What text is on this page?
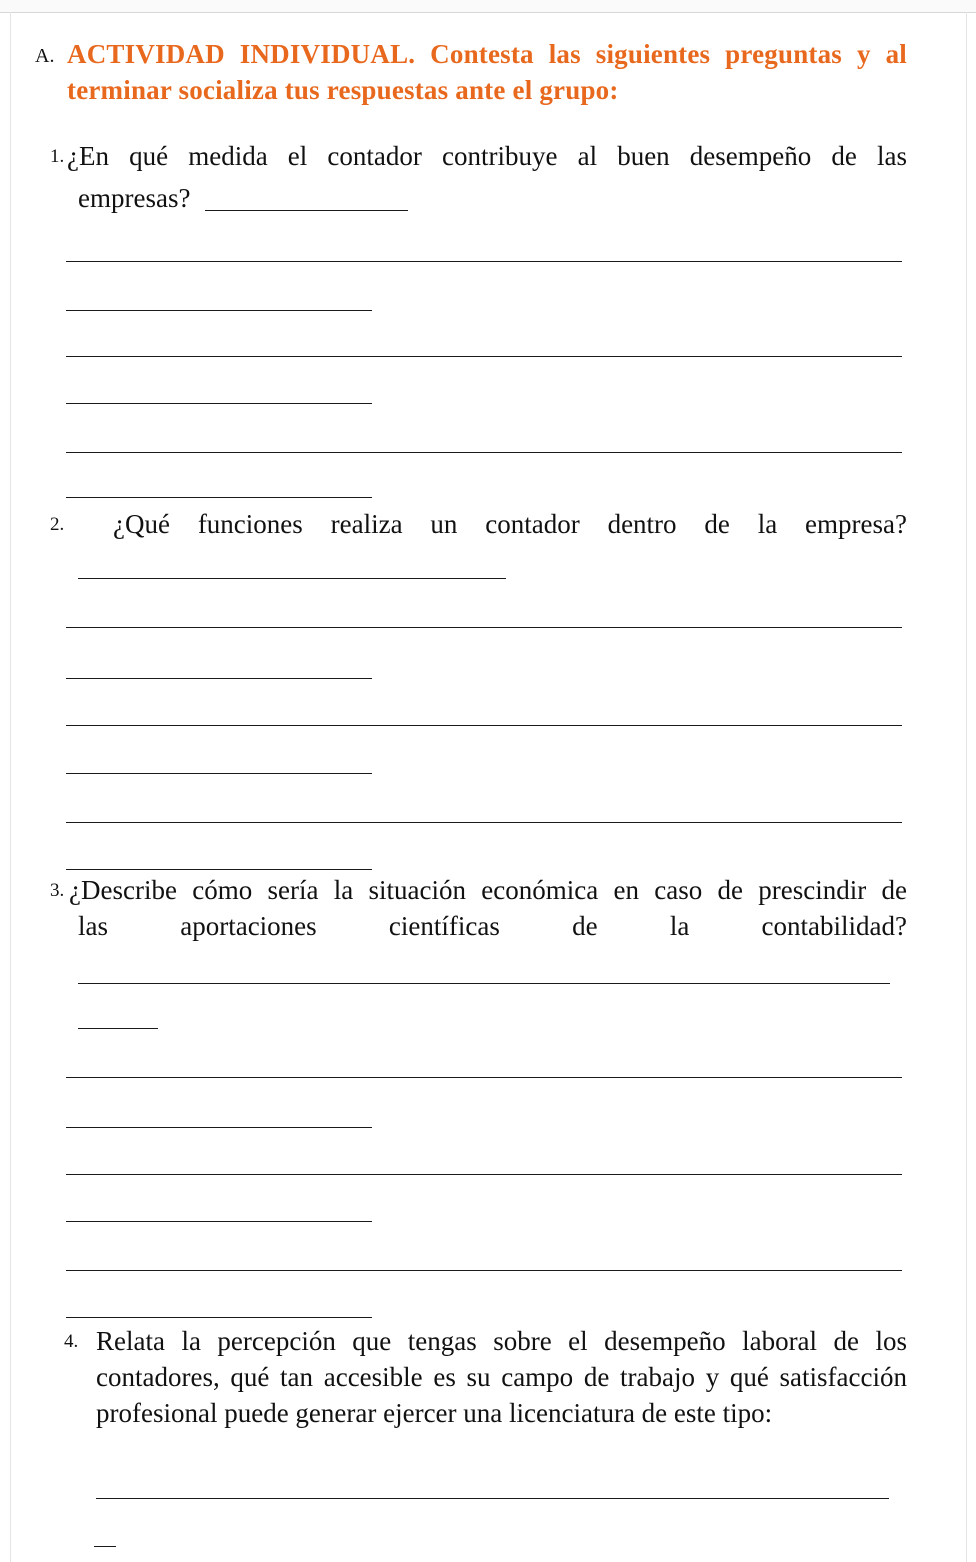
A. ACTIVIDAD INDIVIDUAL. Contesta las siguientes preguntas y al terminar socializa tus respuestas ante el grupo:
1. ¿En qué medida el contador contribuye al buen desempeño de las
empresas?
2. ¿Qué funciones realiza un contador dentro de la empresa?
3. ¿Describe cómo sería la situación económica en caso de prescindir de
las	aportaciones	científicas	de	la	contabilidad?
4. Relata la percepción que tengas sobre el desempeño laboral de los contadores, qué tan accesible es su campo de trabajo y qué satisfacción profesional puede generar ejercer una licenciatura de este tipo:
